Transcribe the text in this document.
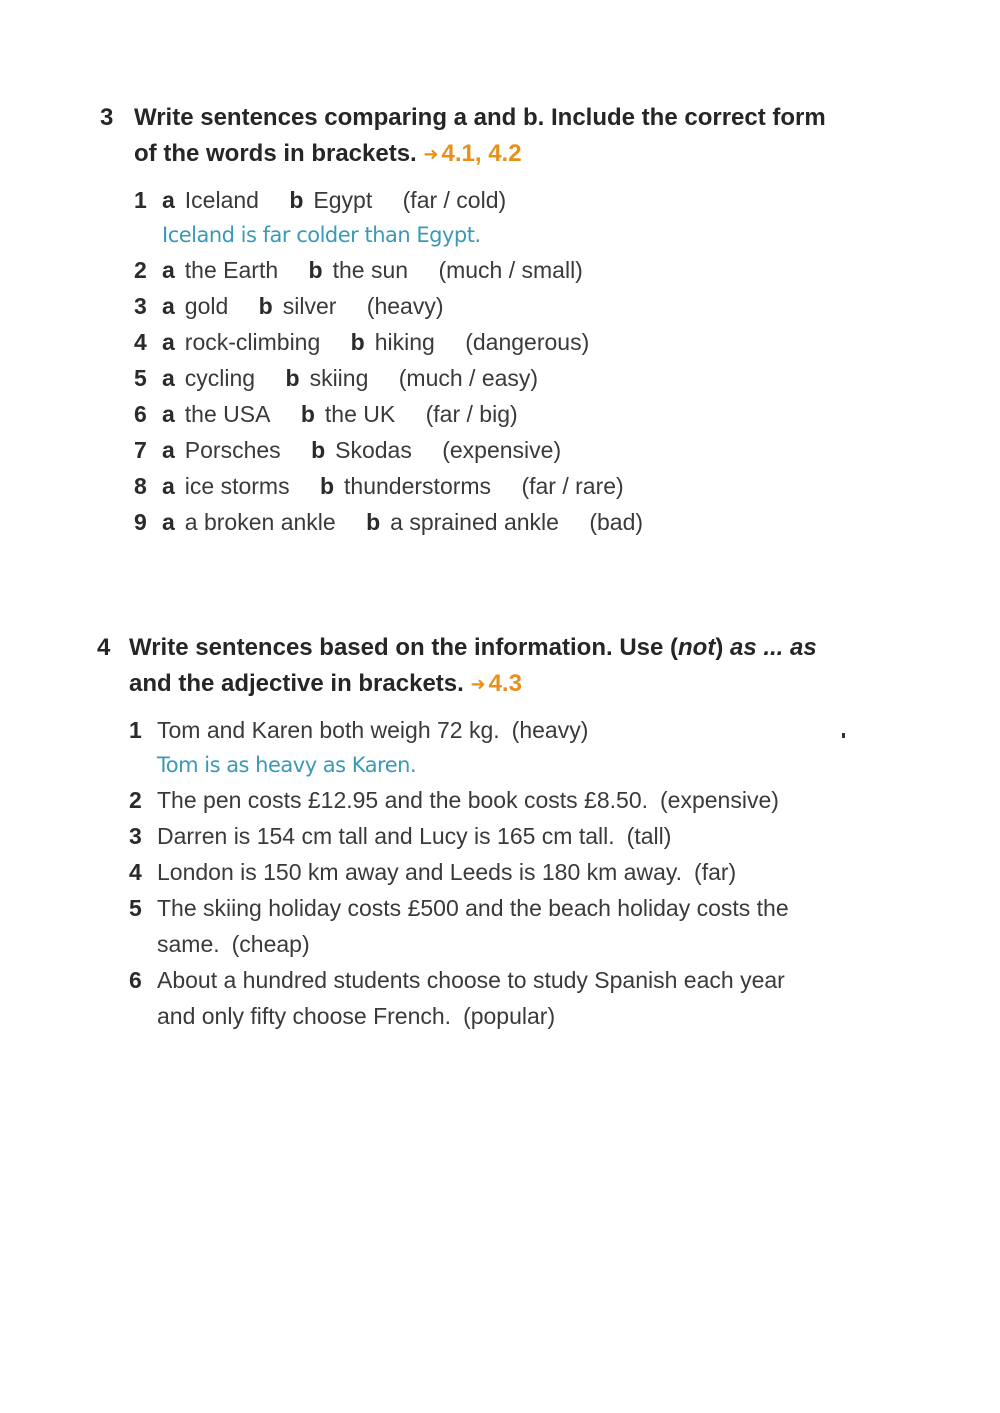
3 Write sentences comparing a and b. Include the correct form of the words in brackets. ➜ 4.1, 4.2
1 a Iceland b Egypt (far / cold)
Iceland is far colder than Egypt.
2 a the Earth b the sun (much / small)
3 a gold b silver (heavy)
4 a rock-climbing b hiking (dangerous)
5 a cycling b skiing (much / easy)
6 a the USA b the UK (far / big)
7 a Porsches b Skodas (expensive)
8 a ice storms b thunderstorms (far / rare)
9 a a broken ankle b a sprained ankle (bad)
4 Write sentences based on the information. Use (not) as ... as and the adjective in brackets. ➜ 4.3
1 Tom and Karen both weigh 72 kg. (heavy)
Tom is as heavy as Karen.
2 The pen costs £12.95 and the book costs £8.50. (expensive)
3 Darren is 154 cm tall and Lucy is 165 cm tall. (tall)
4 London is 150 km away and Leeds is 180 km away. (far)
5 The skiing holiday costs £500 and the beach holiday costs the same. (cheap)
6 About a hundred students choose to study Spanish each year and only fifty choose French. (popular)
